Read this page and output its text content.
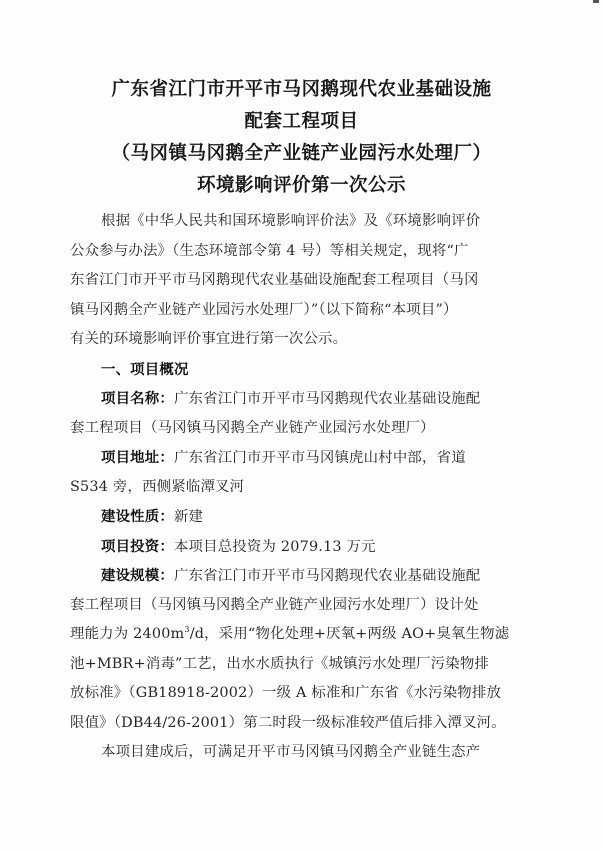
广东省江门市开平市马冈鹅现代农业基础设施
配套工程项目
（马冈镇马冈鹅全产业链产业园污水处理厂）
环境影响评价第一次公示
根据《中华人民共和国环境影响评价法》及《环境影响评价
公众参与办法》（生态环境部令第 4 号）等相关规定，现将“广
东省江门市开平市马冈鹅现代农业基础设施配套工程项目（马冈
镇马冈鹅全产业链产业园污水处理厂）”（以下简称“本项目”）
有关的环境影响评价事宜进行第一次公示。
一、项目概况
项目名称：广东省江门市开平市马冈鹅现代农业基础设施配
套工程项目（马冈镇马冈鹅全产业链产业园污水处理厂）
项目地址：广东省江门市开平市马冈镇虎山村中部，省道
S534 旁，西侧紧临潭叉河
建设性质：新建
项目投资：本项目总投资为 2079.13 万元
建设规模：广东省江门市开平市马冈鹅现代农业基础设施配
套工程项目（马冈镇马冈鹅全产业链产业园污水处理厂）设计处
理能力为 $2400m^3/d$，采用“物化处理+厌氧+两级 AO+臭氧生物滤
池+MBR+消毒”工艺，出水水质执行《城镇污水处理厂污染物排
放标准》（GB18918-2002）一级 A 标准和广东省《水污染物排放
限值》（DB44/26-2001）第二时段一级标准较严值后排入潭叉河。
本项目建成后，可满足开平市马冈镇马冈鹅全产业链生态产
